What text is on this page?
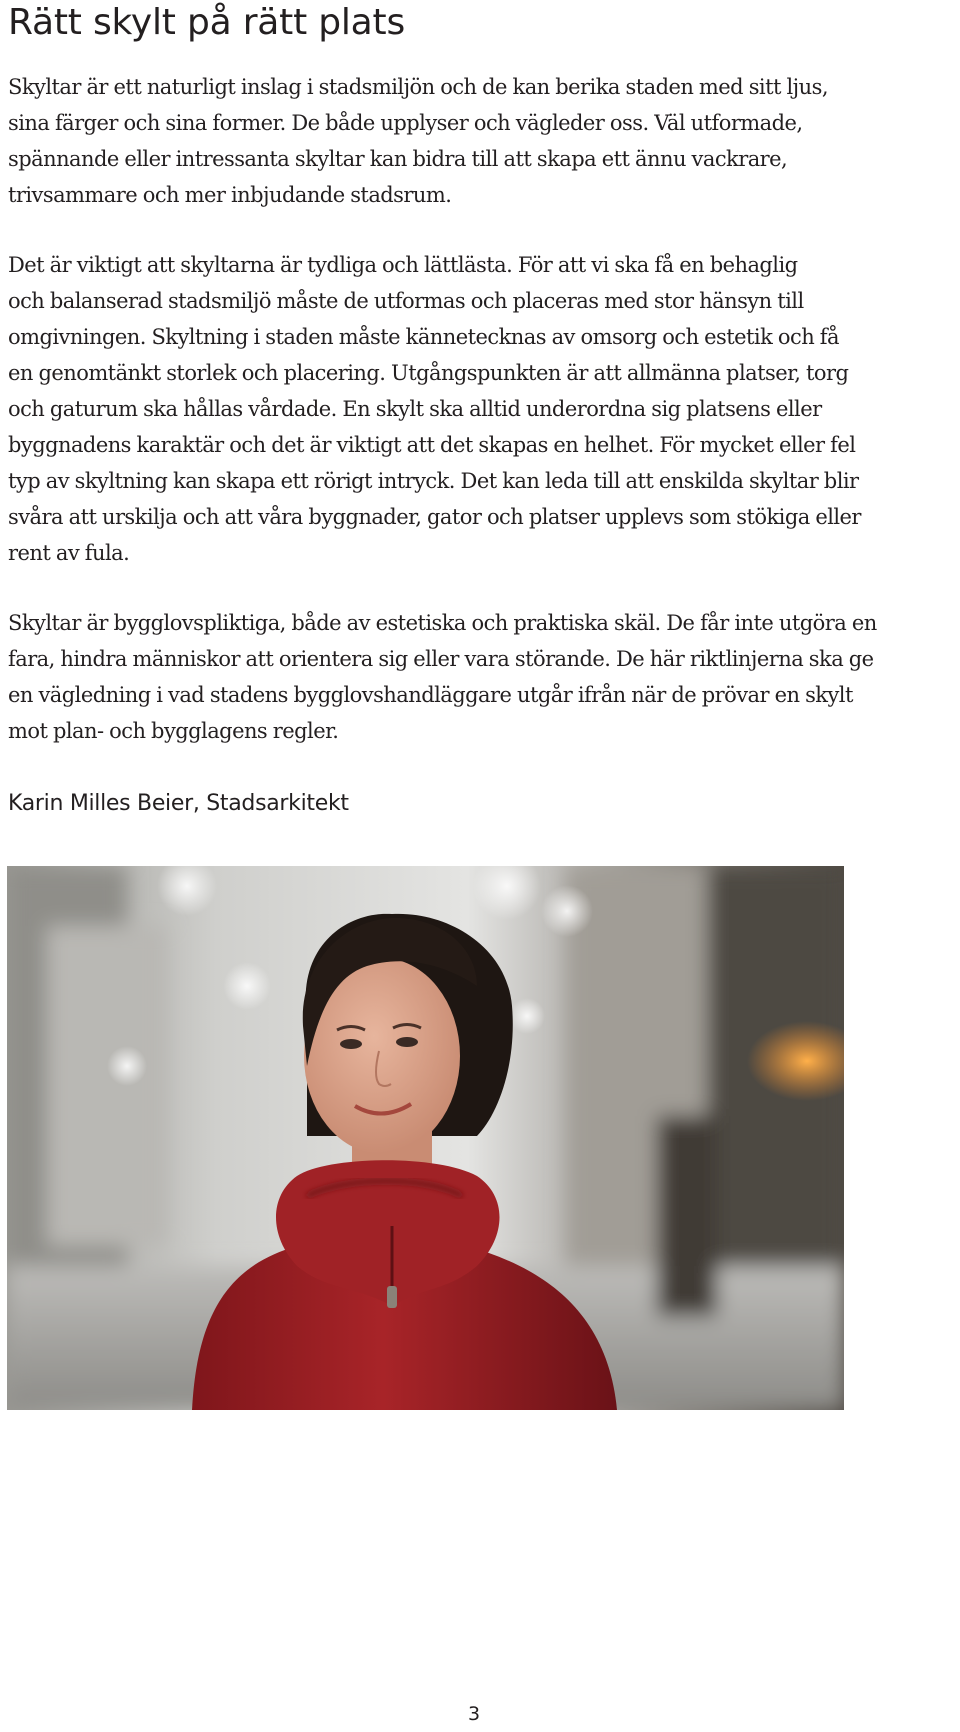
Rätt skylt på rätt plats

Skyltar är ett naturligt inslag i stadsmiljön och de kan berika staden med sitt ljus,
sina färger och sina former. De både upplyser och vägleder oss. Väl utformade,
spännande eller intressanta skyltar kan bidra till att skapa ett ännu vackrare,
trivsammare och mer inbjudande stadsrum.

Det är viktigt att skyltarna är tydliga och lättlästa. För att vi ska få en behaglig
och balanserad stadsmiljö måste de utformas och placeras med stor hänsyn till
omgivningen. Skyltning i staden måste kännetecknas av omsorg och estetik och få
en genomtänkt storlek och placering. Utgångspunkten är att allmänna platser, torg
och gaturum ska hållas vårdade. En skylt ska alltid underordna sig platsens eller
byggnadens karaktär och det är viktigt att det skapas en helhet. För mycket eller fel
typ av skyltning kan skapa ett rörigt intryck. Det kan leda till att enskilda skyltar blir
svåra att urskilja och att våra byggnader, gator och platser upplevs som stökiga eller
rent av fula.

Skyltar är bygglovspliktiga, både av estetiska och praktiska skäl. De får inte utgöra en
fara, hindra människor att orientera sig eller vara störande. De här riktlinjerna ska ge
en vägledning i vad stadens bygglovshandläggare utgår ifrån när de prövar en skylt
mot plan- och bygglagens regler.

Karin Milles Beier, Stadsarkitekt

3
